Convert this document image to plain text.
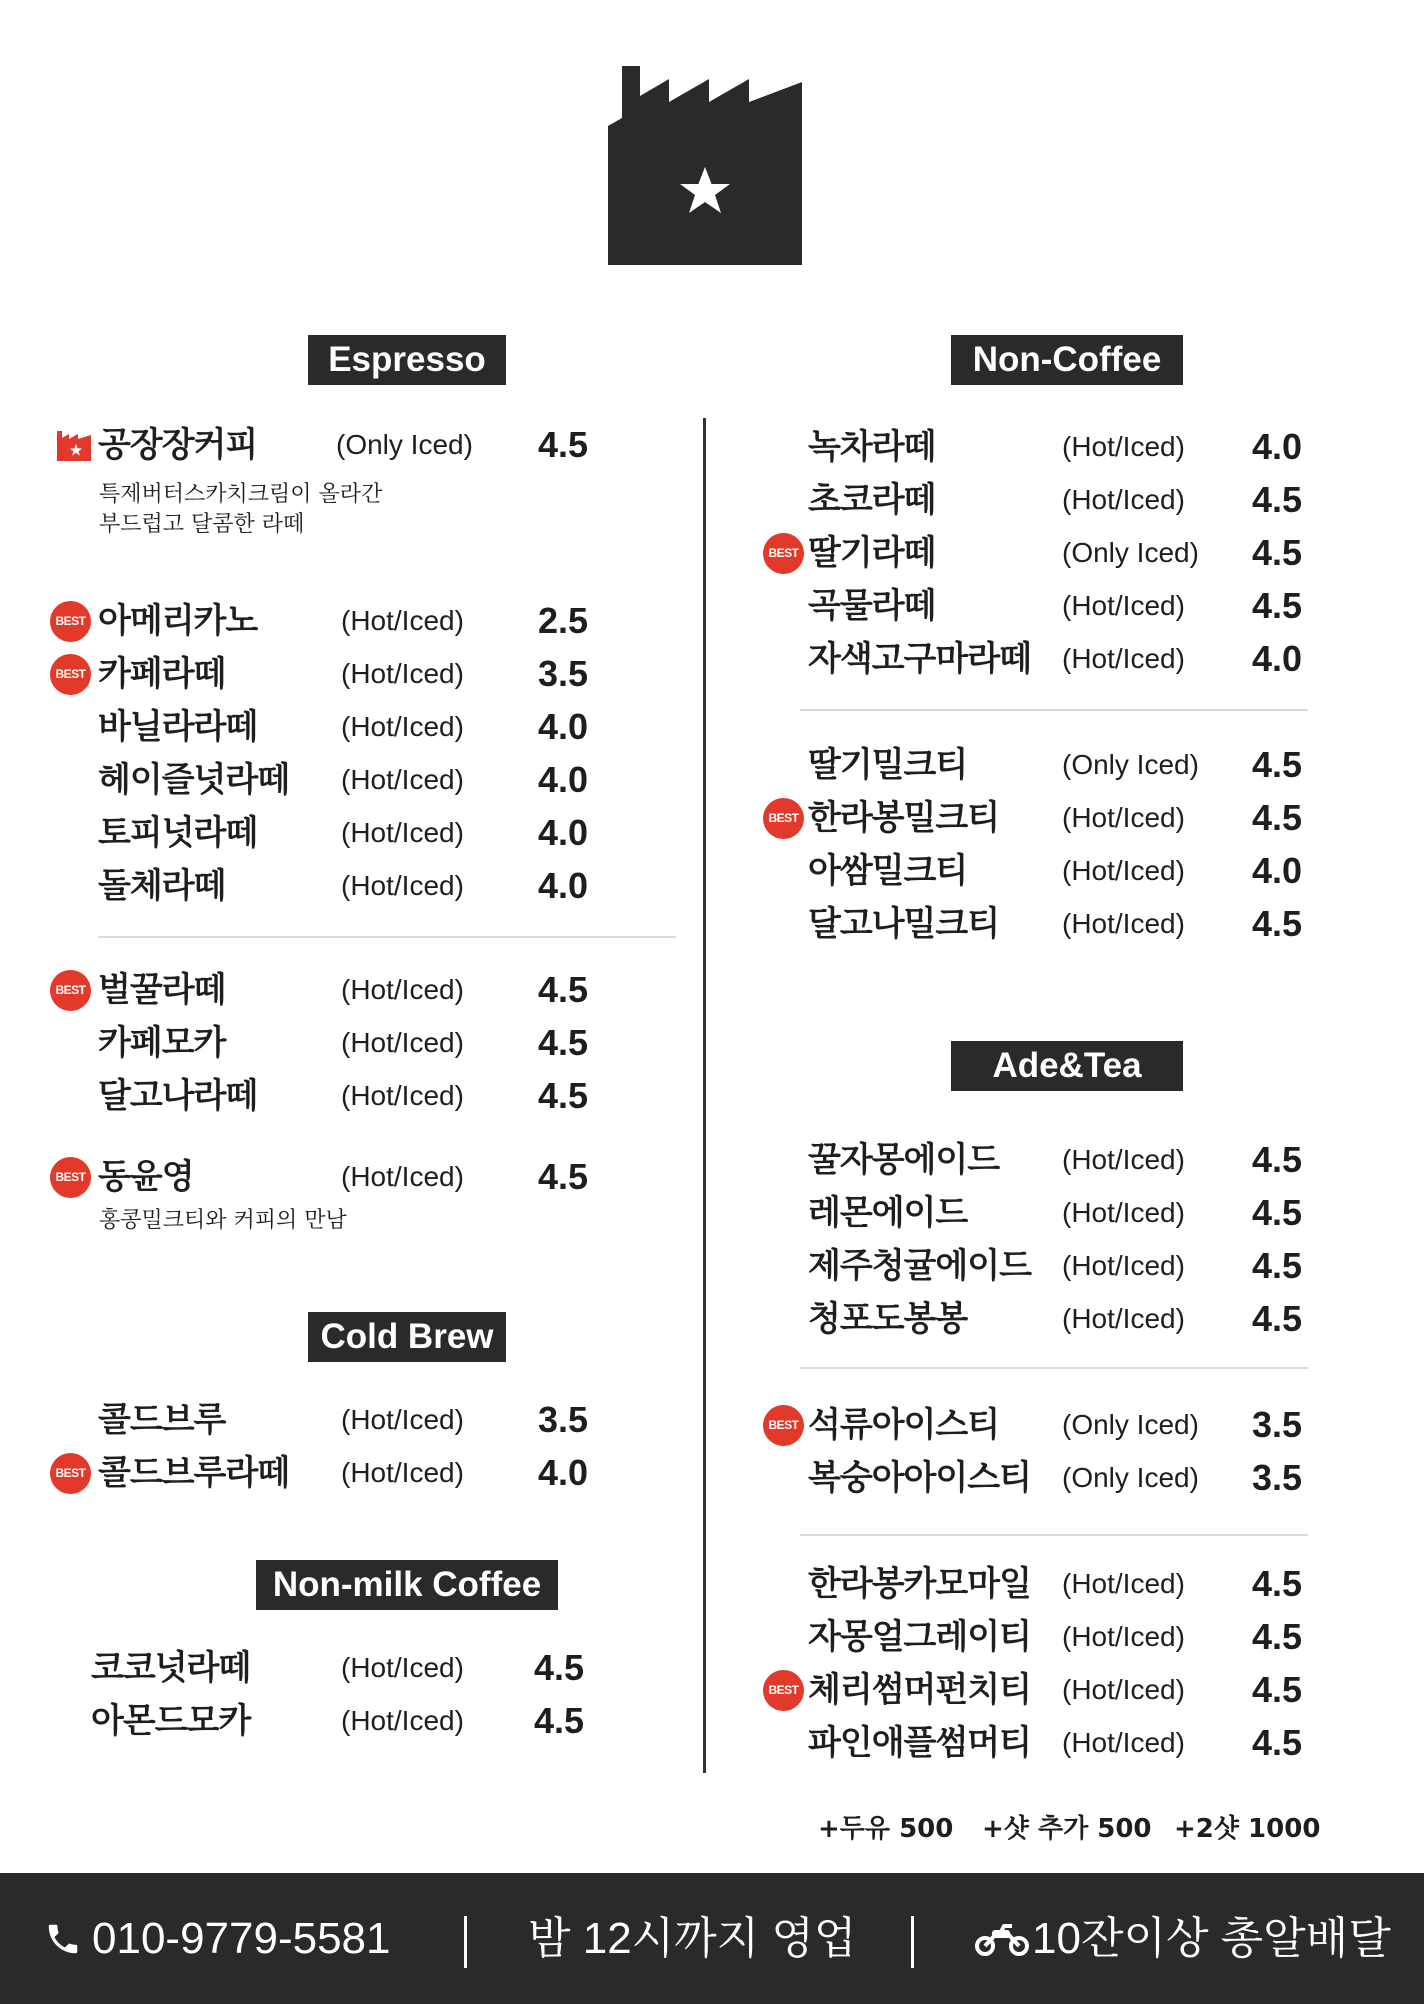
Espresso	Non-Coffee
Cold Brew
Non-milk Coffee
Ade&Tea
공장장커피	(Only Iced) 4.5
특제버터스카치크림이 올라간
부드럽고 달콤한 라떼
BEST 아메리카노	(Hot/Iced) 2.5
BEST 카페라떼	(Hot/Iced) 3.5
바닐라라떼	(Hot/Iced) 4.0
헤이즐넛라떼 (Hot/Iced) 4.0
토피넛라떼	(Hot/Iced) 4.0
돌체라떼	(Hot/Iced) 4.0
BEST 벌꿀라떼	(Hot/Iced) 4.5
카페모카	(Hot/Iced) 4.5
달고나라떼	(Hot/Iced) 4.5
BEST 동윤영	(Hot/Iced) 4.5
홍콩밀크티와 커피의 만남
콜드브루	(Hot/Iced) 3.5
BEST 콜드브루라떼 (Hot/Iced) 4.0
코코넛라떼	(Hot/Iced) 4.5
아몬드모카	(Hot/Iced) 4.5
녹차라떼	(Hot/Iced) 4.0
초코라떼	(Hot/Iced) 4.5
BEST 딸기라떼	(Only Iced) 4.5
곡물라떼	(Hot/Iced) 4.5
자색고구마라떼 (Hot/Iced) 4.0
딸기밀크티	(Only Iced) 4.5
BEST 한라봉밀크티 (Hot/Iced) 4.5
아쌈밀크티	(Hot/Iced) 4.0
달고나밀크티 (Hot/Iced) 4.5
꿀자몽에이드 (Hot/Iced) 4.5
레몬에이드	(Hot/Iced) 4.5
제주청귤에이드 (Hot/Iced) 4.5
청포도봉봉	(Hot/Iced) 4.5
BEST 석류아이스티 (Only Iced) 3.5
복숭아아이스티 (Only Iced) 3.5
한라봉카모마일 (Hot/Iced) 4.5
자몽얼그레이티 (Hot/Iced) 4.5
BEST 체리썸머펀치티 (Hot/Iced) 4.5
파인애플썸머티 (Hot/Iced) 4.5
+두유 500 +샷 추가 500 +2샷 1000
010-9779-5581	밤 12시까지 영업	10잔이상 총알배달
